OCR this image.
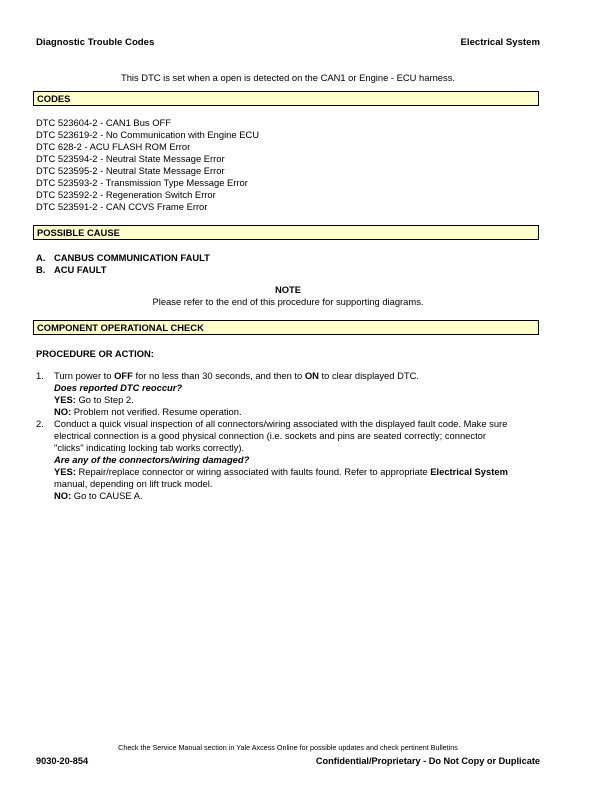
Diagnostic Trouble Codes	Electrical System
This DTC is set when a open is detected on the CAN1 or Engine - ECU harness.
CODES
DTC 523604-2 - CAN1 Bus OFF
DTC 523619-2 - No Communication with Engine ECU
DTC 628-2 - ACU FLASH ROM Error
DTC 523594-2 - Neutral State Message Error
DTC 523595-2 - Neutral State Message Error
DTC 523593-2 - Transmission Type Message Error
DTC 523592-2 - Regeneration Switch Error
DTC 523591-2 - CAN CCVS Frame Error
POSSIBLE CAUSE
A. CANBUS COMMUNICATION FAULT
B. ACU FAULT
NOTE
Please refer to the end of this procedure for supporting diagrams.
COMPONENT OPERATIONAL CHECK
PROCEDURE OR ACTION:
1.	Turn power to OFF for no less than 30 seconds, and then to ON to clear displayed DTC.
Does reported DTC reoccur?
YES: Go to Step 2.
NO: Problem not verified. Resume operation.
2.	Conduct a quick visual inspection of all connectors/wiring associated with the displayed fault code. Make sure
electrical connection is a good physical connection (i.e. sockets and pins are seated correctly; connector
"clicks" indicating locking tab works correctly).
Are any of the connectors/wiring damaged?
YES: Repair/replace connector or wiring associated with faults found. Refer to appropriate Electrical System
manual, depending on lift truck model.
NO: Go to CAUSE A.
Check the Service Manual section in Yale Axcess Online for possible updates and check pertinent Bulletins
9030-20-854	Confidential/Proprietary - Do Not Copy or Duplicate
